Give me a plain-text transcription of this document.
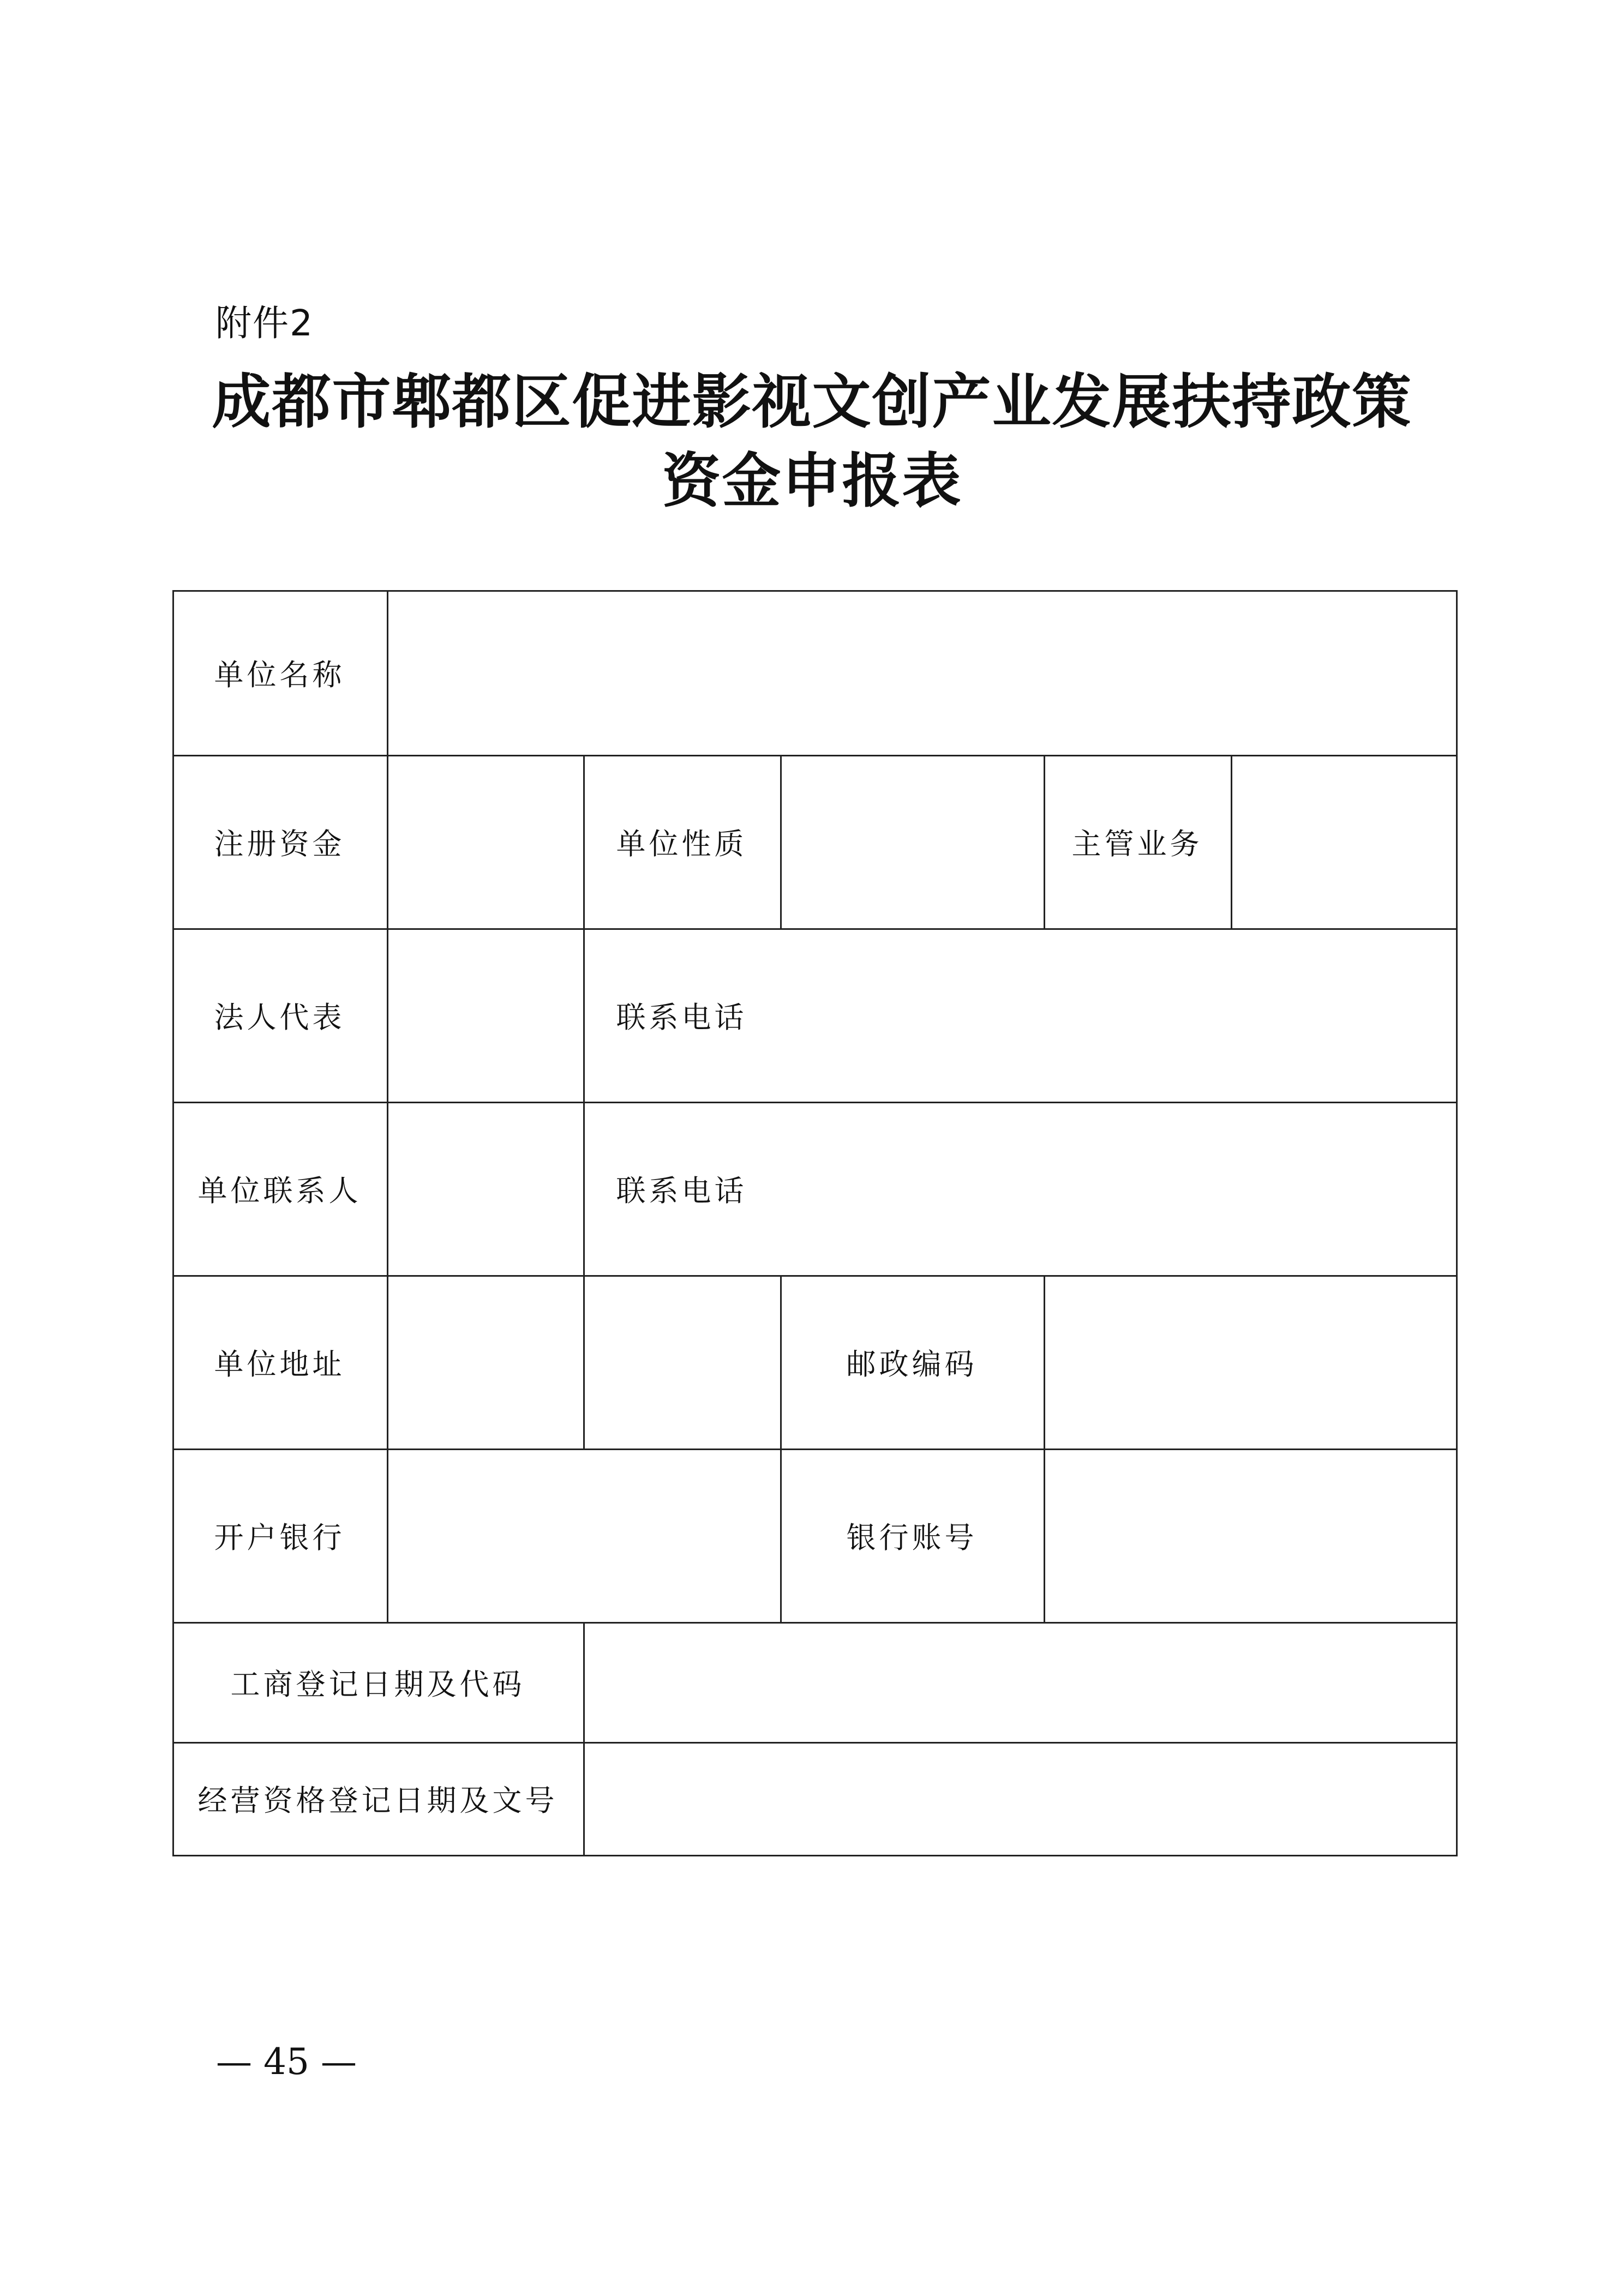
附件2
成都市郫都区促进影视文创产业发展扶持政策
资金申报表
单位名称
注册资金	单位性质	主管业务
法人代表	联系电话
单位联系人	联系电话
单位地址	邮政编码
开户银行	银行账号
工商登记日期及代码
经营资格登记日期及文号
— 45 —
